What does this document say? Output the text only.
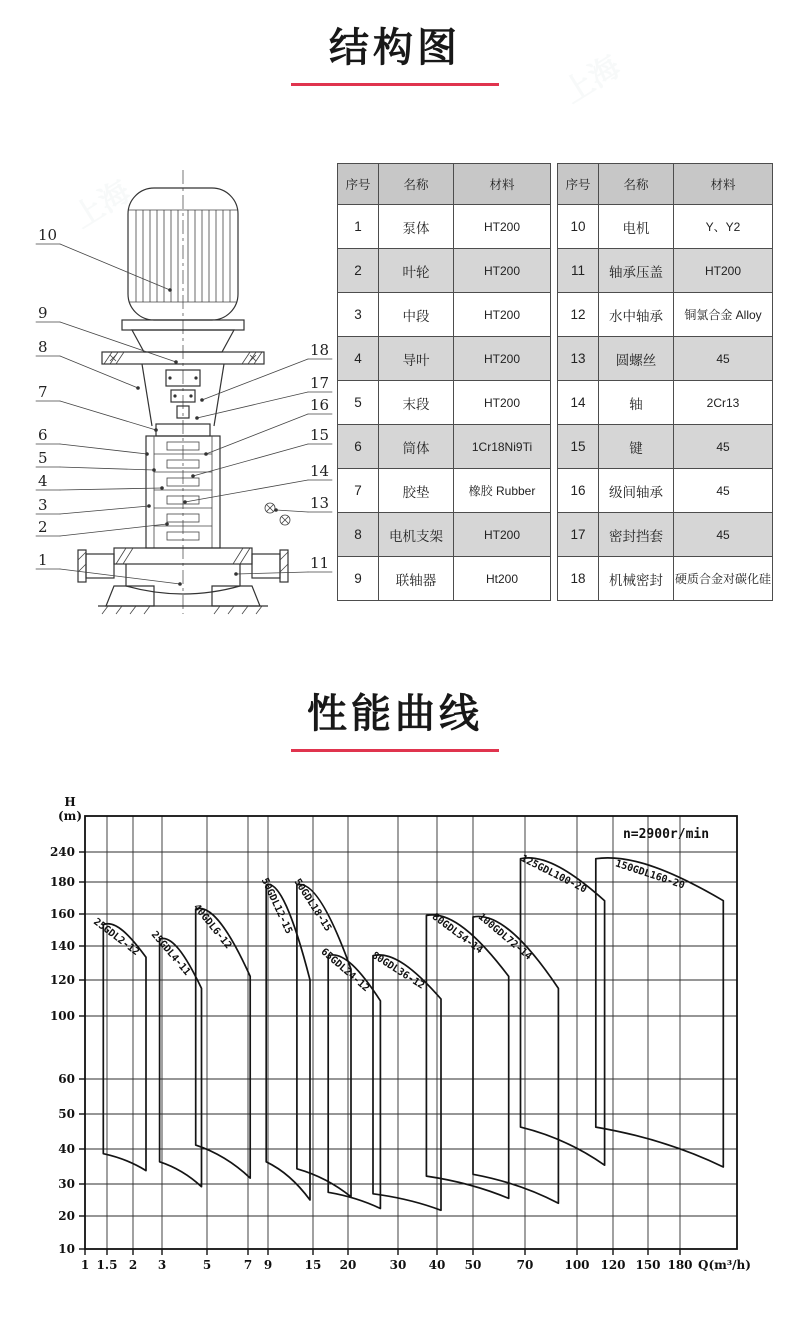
上海
上海
结构图
10
9
8
7
6
5
4
3
2
1
18
17
16
15
14
13
11
序号	名称	材料
1	泵体	HT200
2	叶轮	HT200
3	中段	HT200
4	导叶	HT200
5	末段	HT200
6	筒体	1Cr18Ni9Ti
7	胶垫	橡胶 Rubber
8	电机支架	HT200
9	联轴器	Ht200
序号	名称	材料
10	电机	Y、Y2
11	轴承压盖	HT200
12	水中轴承	铜氯合金 Alloy
13	圆螺丝	45
14	轴	2Cr13
15	键	45
16	级间轴承	45
17	密封挡套	45
18	机械密封	硬质合金对碳化硅
性能曲线
1 1.5 2 3	5	7 9	15 20	30 40 50	70	100 120 150 180
240
180
160
140
120
100
60
50
40
30
20
10
H
(m)
Q(m³/h)
n=2900r/min
25GDL2-12 25GDL4-11
40GDL6-12	50GDL12-15
50GDL18-15
65GDL24-12
80GDL36-12
80GDL54-14
100GDL72-14
125GDL100-20	150GDL160-20
